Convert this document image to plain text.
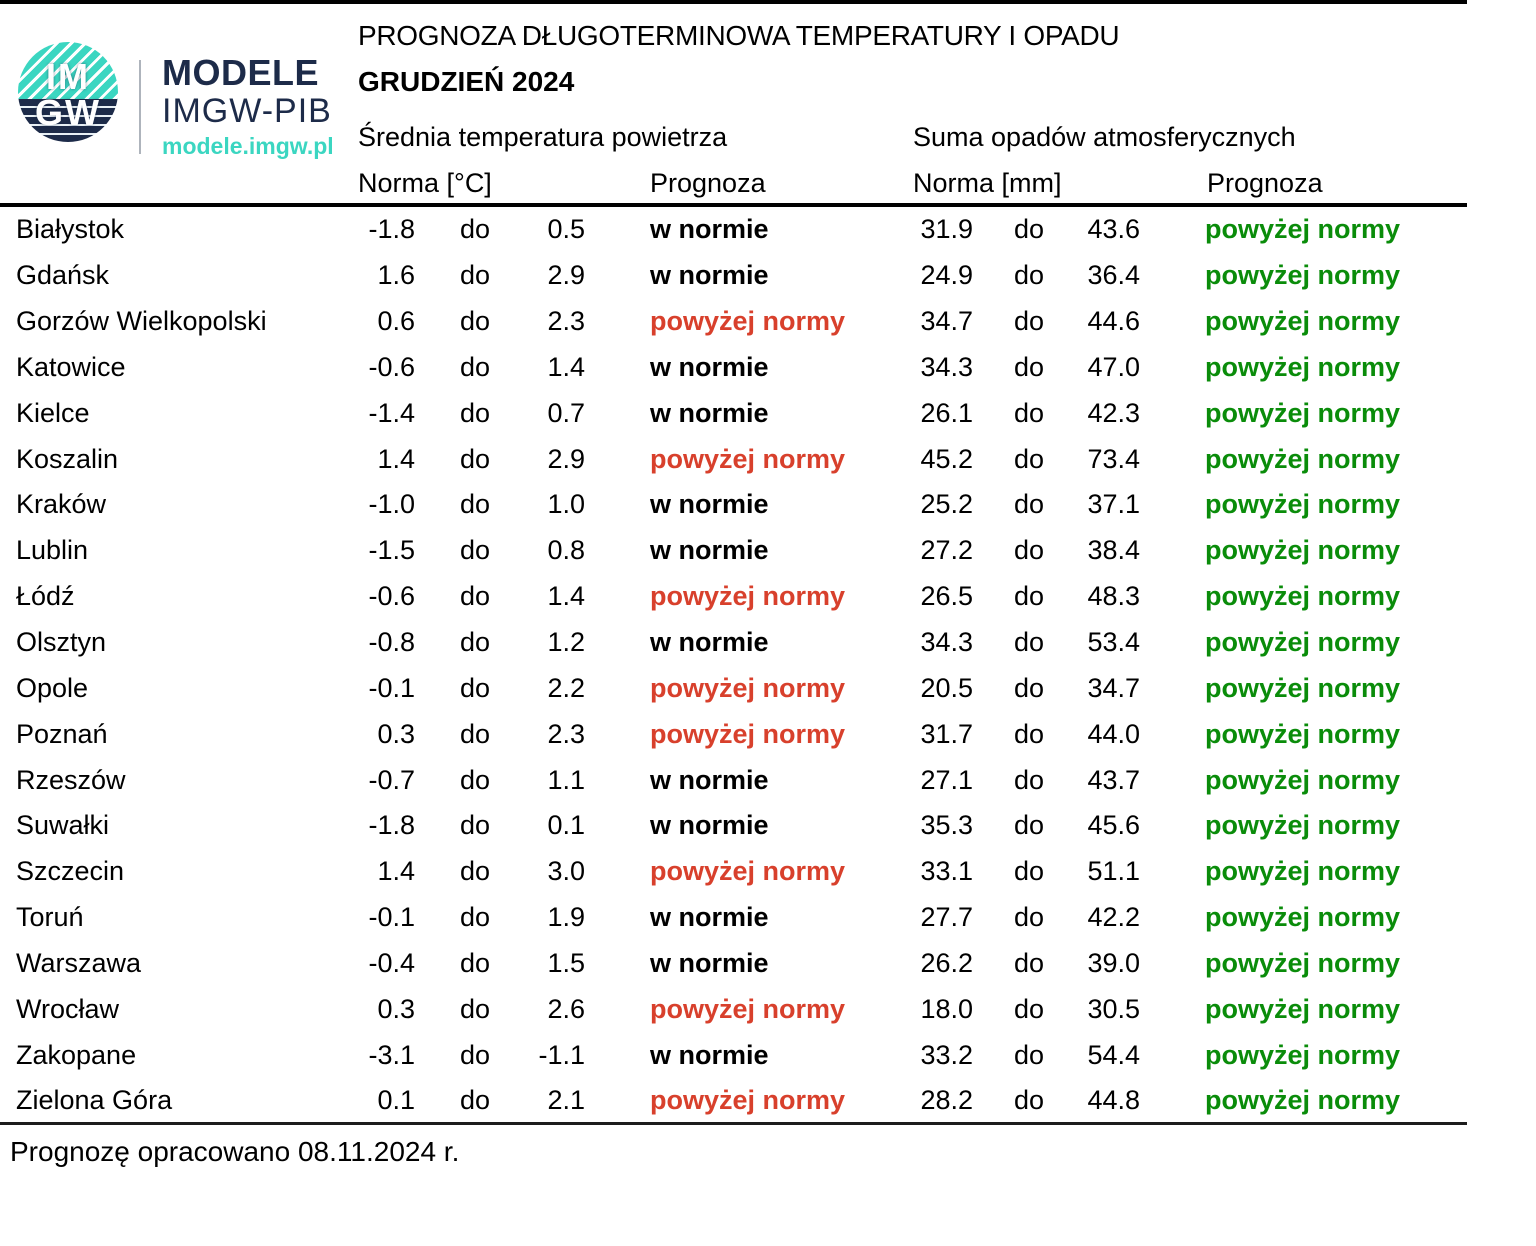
IM
GW
MODELE
IMGW-PIB
modele.imgw.pl
PROGNOZA DŁUGOTERMINOWA TEMPERATURY I OPADU
GRUDZIEŃ 2024
Średnia temperatura powietrza	Suma opadów atmosferycznych
Norma [°C]	Prognoza	Norma [mm]	Prognoza
Białystok	-1.8	do	0.5 w normie	31.9	do	43.6 powyżej normy
Gdańsk	1.6	do	2.9 w normie	24.9	do	36.4 powyżej normy
Gorzów Wielkopolski	0.6	do	2.3 powyżej normy	34.7	do	44.6 powyżej normy
Katowice	-0.6	do	1.4 w normie	34.3	do	47.0 powyżej normy
Kielce	-1.4	do	0.7 w normie	26.1	do	42.3 powyżej normy
Koszalin	1.4	do	2.9 powyżej normy	45.2	do	73.4 powyżej normy
Kraków	-1.0	do	1.0 w normie	25.2	do	37.1 powyżej normy
Lublin	-1.5	do	0.8 w normie	27.2	do	38.4 powyżej normy
Łódź	-0.6	do	1.4 powyżej normy	26.5	do	48.3 powyżej normy
Olsztyn	-0.8	do	1.2 w normie	34.3	do	53.4 powyżej normy
Opole	-0.1	do	2.2 powyżej normy	20.5	do	34.7 powyżej normy
Poznań	0.3	do	2.3 powyżej normy	31.7	do	44.0 powyżej normy
Rzeszów	-0.7	do	1.1 w normie	27.1	do	43.7 powyżej normy
Suwałki	-1.8	do	0.1 w normie	35.3	do	45.6 powyżej normy
Szczecin	1.4	do	3.0 powyżej normy	33.1	do	51.1 powyżej normy
Toruń	-0.1	do	1.9 w normie	27.7	do	42.2 powyżej normy
Warszawa	-0.4	do	1.5 w normie	26.2	do	39.0 powyżej normy
Wrocław	0.3	do	2.6 powyżej normy	18.0	do	30.5 powyżej normy
Zakopane	-3.1	do	-1.1 w normie	33.2	do	54.4 powyżej normy
Zielona Góra	0.1	do	2.1 powyżej normy	28.2	do	44.8 powyżej normy
Prognozę opracowano 08.11.2024 r.
